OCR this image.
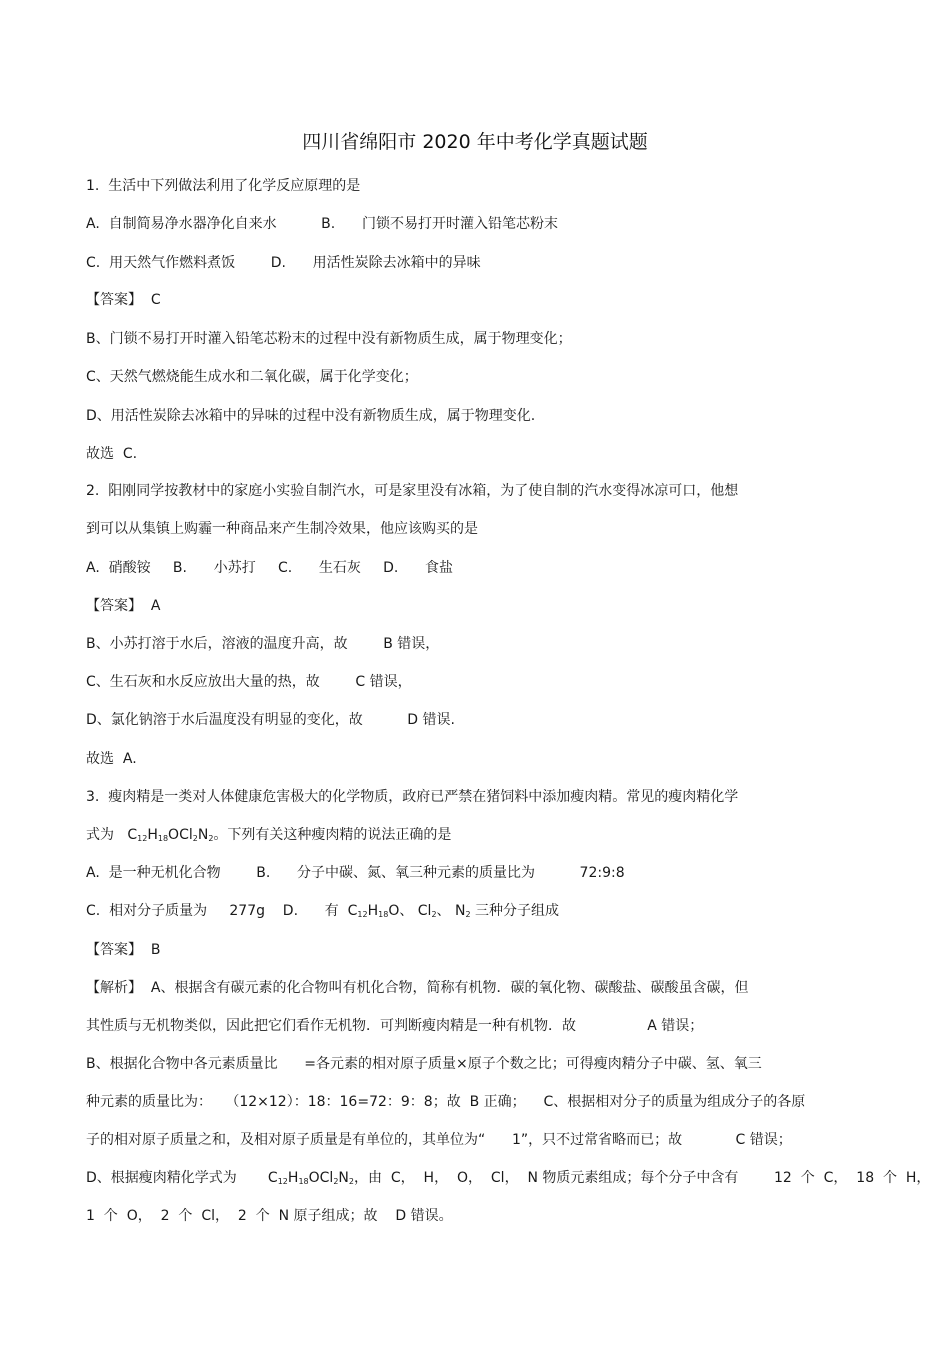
四川省绵阳市 2020 年中考化学真题试题
1.  生活中下列做法利用了化学反应原理的是
A.  自制简易净水器净化自来水          B.      门锁不易打开时灌入铅笔芯粉末
C.  用天然气作燃料煮饭        D.      用活性炭除去冰箱中的异味
【答案】  C
B、门锁不易打开时灌入铅笔芯粉末的过程中没有新物质生成，属于物理变化；
C、天然气燃烧能生成水和二氧化碳，属于化学变化；
D、用活性炭除去冰箱中的异味的过程中没有新物质生成，属于物理变化.
故选  C.
2.  阳刚同学按教材中的家庭小实验自制汽水，可是家里没有冰箱，为了使自制的汽水变得冰凉可口，他想
到可以从集镇上购霾一种商品来产生制冷效果，他应该购买的是
A.  硝酸铵     B.      小苏打     C.      生石灰     D.      食盐
【答案】  A
B、小苏打溶于水后，溶液的温度升高，故        B 错误，
C、生石灰和水反应放出大量的热，故        C 错误，
D、氯化钠溶于水后温度没有明显的变化，故          D 错误.
故选  A.
3.  瘦肉精是一类对人体健康危害极大的化学物质，政府已严禁在猪饲料中添加瘦肉精。常见的瘦肉精化学
式为   $C_{12}H_{18}OCl_2N_2$。下列有关这种瘦肉精的说法正确的是
A.  是一种无机化合物        B.      分子中碳、氮、氧三种元素的质量比为          72:9:8
C.  相对分子质量为     277g    D.      有  $C_{12}H_{18}O$、 $Cl_2$、 $N_2$ 三种分子组成
【答案】  B
【解析】  A、根据含有碳元素的化合物叫有机化合物，简称有机物．碳的氧化物、碳酸盐、碳酸虽含碳，但
其性质与无机物类似，因此把它们看作无机物．可判断瘦肉精是一种有机物．故                A 错误；
B、根据化合物中各元素质量比      =各元素的相对原子质量×原子个数之比；可得瘦肉精分子中碳、氢、氧三
种元素的质量比为：   （12×12）：18：16=72：9：8；故  B 正确；    C、根据相对分子的质量为组成分子的各原
子的相对原子质量之和，及相对原子质量是有单位的，其单位为“      1”，只不过常省略而已；故            C 错误；
D、根据瘦肉精化学式为       $C_{12}H_{18}OCl_2N_2$，由  C，  H，  O，  Cl，  N 物质元素组成；每个分子中含有        12  个  C，  18  个  H，
1  个  O，  2  个  Cl，  2  个  N 原子组成；故    D 错误。
